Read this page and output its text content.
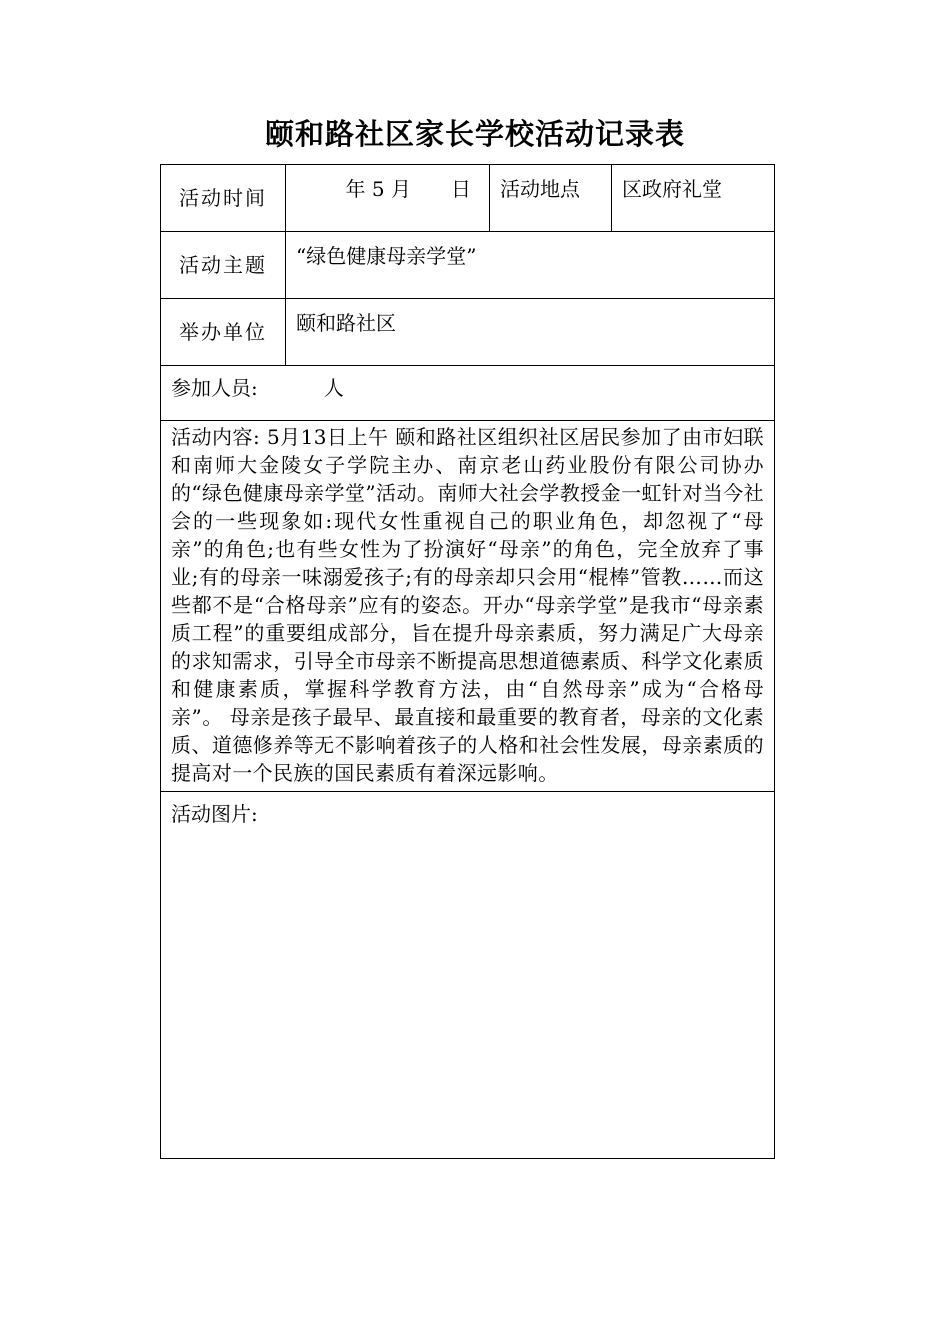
颐和路社区家长学校活动记录表
活动时间	年 5 月　　日	活动地点	区政府礼堂
活动主题	“绿色健康母亲学堂”		
举办单位	颐和路社区		
参加人员: 人			
活动内容: 5月13日上午 颐和路社区组织社区居民参加了由市妇联和南师大金陵女子学院主办、南京老山药业股份有限公司协办的“绿色健康母亲学堂”活动。南师大社会学教授金一虹针对当今社会的一些现象如:现代女性重视自己的职业角色，却忽视了“母亲”的角色;也有些女性为了扮演好“母亲”的角色，完全放弃了事业;有的母亲一味溺爱孩子;有的母亲却只会用“棍棒”管教……而这些都不是“合格母亲”应有的姿态。开办“母亲学堂”是我市“母亲素质工程”的重要组成部分，旨在提升母亲素质，努力满足广大母亲的求知需求，引导全市母亲不断提高思想道德素质、科学文化素质和健康素质，掌握科学教育方法，由“自然母亲”成为“合格母亲”。 母亲是孩子最早、最直接和最重要的教育者，母亲的文化素质、道德修养等无不影响着孩子的人格和社会性发展，母亲素质的提高对一个民族的国民素质有着深远影响。			
活动图片:			
